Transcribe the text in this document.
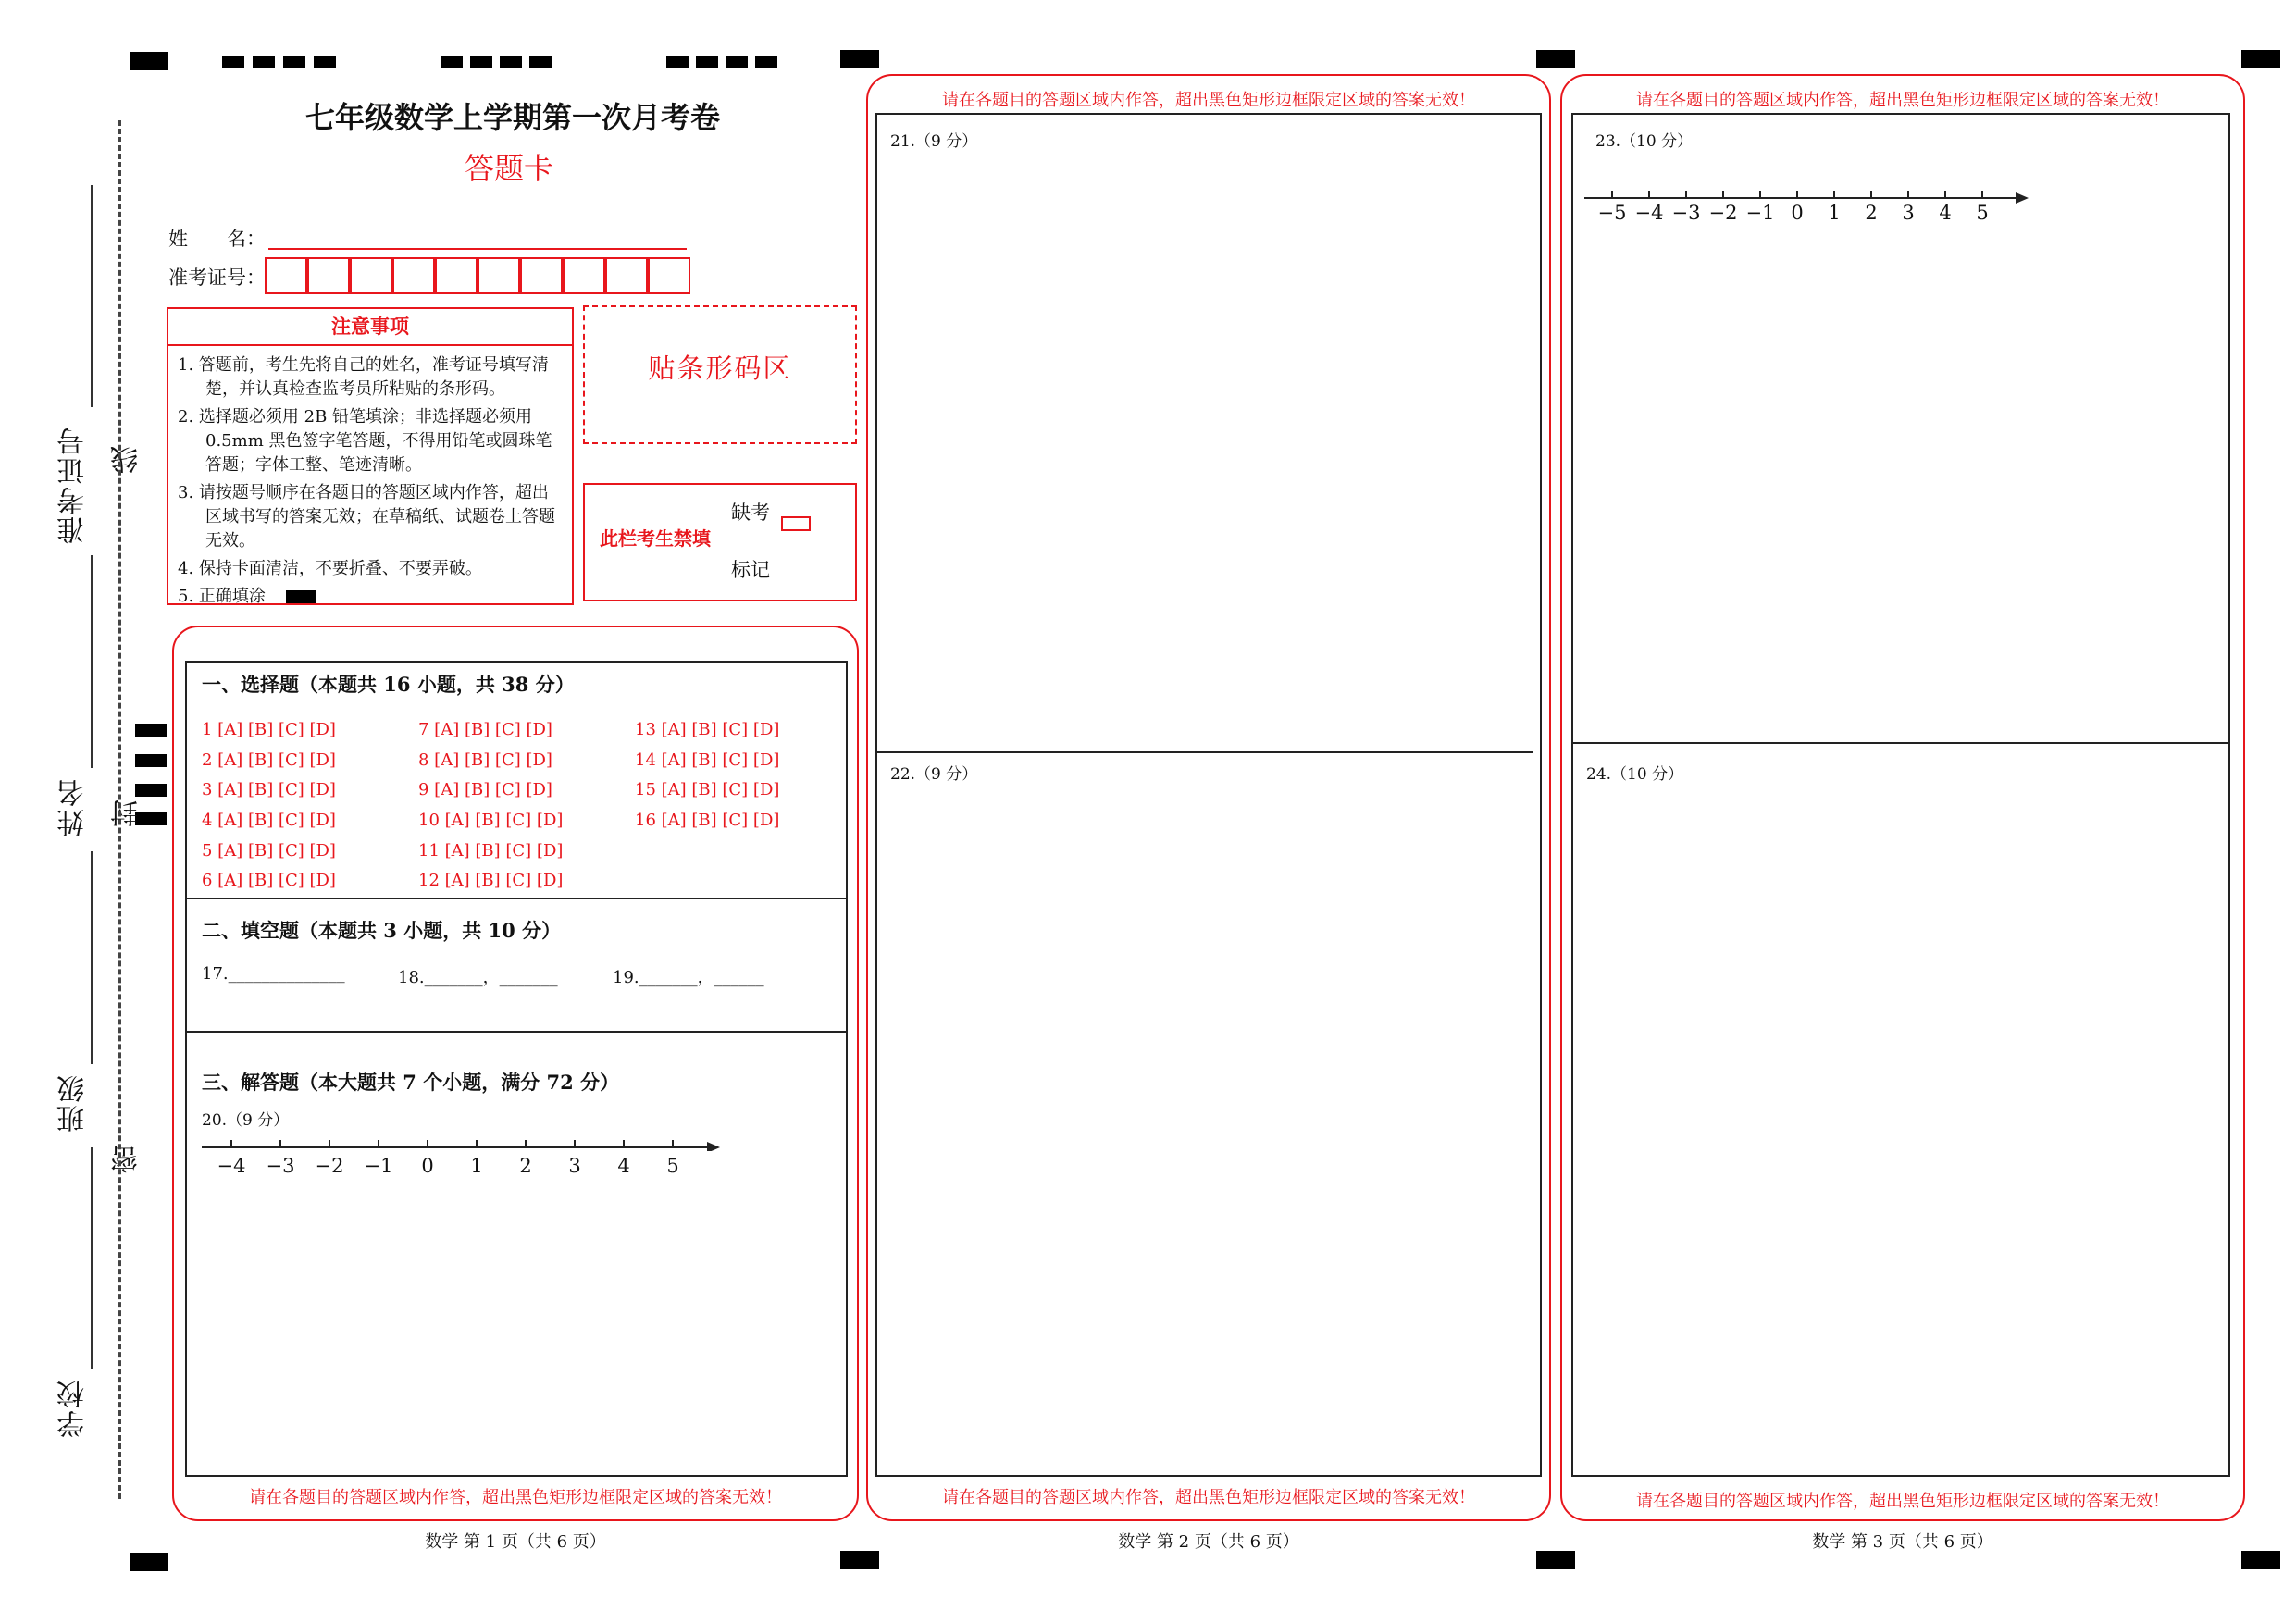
准考证号
姓名
班级
学校
线
封
密
七年级数学上学期第一次月考卷
答题卡
姓　　名：
准考证号：
注意事项
1. 答题前，考生先将自己的姓名，准考证号填写清楚，并认真检查监考员所粘贴的条形码。
2. 选择题必须用 2B 铅笔填涂；非选择题必须用 0.5mm 黑色签字笔答题，不得用铅笔或圆珠笔答题；字体工整、笔迹清晰。
3. 请按题号顺序在各题目的答题区域内作答，超出区域书写的答案无效；在草稿纸、试题卷上答题无效。
4. 保持卡面清洁，不要折叠、不要弄破。
5. 正确填涂
贴条形码区
此栏考生禁填
缺考
标记
一、选择题（本题共 16 小题，共 38 分）
1 [A] [B] [C] [D]
2 [A] [B] [C] [D]
3 [A] [B] [C] [D]
4 [A] [B] [C] [D]
5 [A] [B] [C] [D]
6 [A] [B] [C] [D]
7 [A] [B] [C] [D]
8 [A] [B] [C] [D]
9 [A] [B] [C] [D]
10 [A] [B] [C] [D]
11 [A] [B] [C] [D]
12 [A] [B] [C] [D]
13 [A] [B] [C] [D]
14 [A] [B] [C] [D]
15 [A] [B] [C] [D]
16 [A] [B] [C] [D]
二、填空题（本题共 3 小题，共 10 分）
17.______________	18._______，_______	19._______，______
三、解答题（本大题共 7 个小题，满分 72 分）
20.（9 分）
−4 −3 −2 −1	0	1	2	3	4	5
请在各题目的答题区域内作答，超出黑色矩形边框限定区域的答案无效！
数学 第 1 页（共 6 页）
请在各题目的答题区域内作答，超出黑色矩形边框限定区域的答案无效！
21.（9 分）
22.（9 分）
请在各题目的答题区域内作答，超出黑色矩形边框限定区域的答案无效！
数学 第 2 页（共 6 页）
请在各题目的答题区域内作答，超出黑色矩形边框限定区域的答案无效！
23.（10 分）
−5 −4 −3 −2 −1 0	1	2	3	4	5
24.（10 分）
请在各题目的答题区域内作答，超出黑色矩形边框限定区域的答案无效！
数学 第 3 页（共 6 页）
